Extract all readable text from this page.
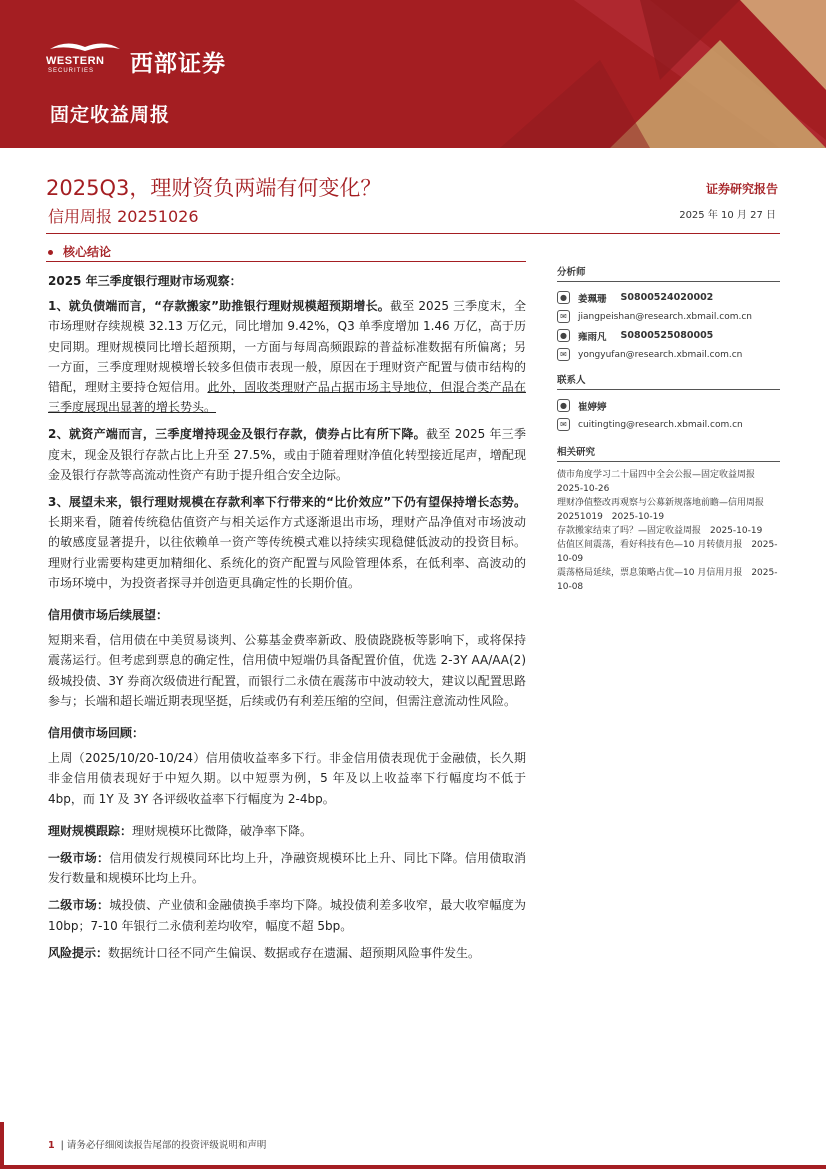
WESTERN
SECURITIES 西部证券
固定收益周报
2025Q3，理财资负两端有何变化？
信用周报 20251026
证券研究报告
2025 年 10 月 27 日
核心结论

2025 年三季度银行理财市场观察：

1、就负债端而言，“存款搬家”助推银行理财规模超预期增长。截至 2025 三季度末，全市场理财存续规模 32.13 万亿元，同比增加 9.42%，Q3 单季度增加 1.46 万亿，高于历史同期。理财规模同比增长超预期，一方面与每周高频跟踪的普益标准数据有所偏离；另一方面，三季度理财规模增长较多但债市表现一般，原因在于理财资产配置与债市结构的错配，理财主要持仓短信用。此外，固收类理财产品占据市场主导地位，但混合类产品在三季度展现出显著的增长势头。

2、就资产端而言，三季度增持现金及银行存款，债券占比有所下降。截至 2025 年三季度末，现金及银行存款占比上升至 27.5%，或由于随着理财净值化转型接近尾声，增配现金及银行存款等高流动性资产有助于提升组合安全边际。

3、展望未来，银行理财规模在存款利率下行带来的“比价效应”下仍有望保持增长态势。长期来看，随着传统稳估值资产与相关运作方式逐渐退出市场，理财产品净值对市场波动的敏感度显著提升，以往依赖单一资产等传统模式难以持续实现稳健低波动的投资目标。理财行业需要构建更加精细化、系统化的资产配置与风险管理体系，在低利率、高波动的市场环境中，为投资者探寻并创造更具确定性的长期价值。

信用债市场后续展望：

短期来看，信用债在中美贸易谈判、公募基金费率新政、股债跷跷板等影响下，或将保持震荡运行。但考虑到票息的确定性，信用债中短端仍具备配置价值，优选 2-3Y AA/AA(2)级城投债、3Y 券商次级债进行配置，而银行二永债在震荡市中波动较大，建议以配置思路参与；长端和超长端近期表现坚挺，后续或仍有利差压缩的空间，但需注意流动性风险。

信用债市场回顾：

上周（2025/10/20-10/24）信用债收益率多下行。非金信用债表现优于金融债，长久期非金信用债表现好于中短久期。以中短票为例，5 年及以上收益率下行幅度均不低于 4bp，而 1Y 及 3Y 各评级收益率下行幅度为 2-4bp。

理财规模跟踪：理财规模环比微降，破净率下降。

一级市场：信用债发行规模同环比均上升，净融资规模环比上升、同比下降。信用债取消发行数量和规模环比均上升。

二级市场：城投债、产业债和金融债换手率均下降。城投债利差多收窄，最大收窄幅度为 10bp；7-10 年银行二永债利差均收窄，幅度不超 5bp。

风险提示：数据统计口径不同产生偏误、数据或存在遗漏、超预期风险事件发生。

分析师
●	姜珮珊 S0800524020002
✉	jiangpeishan@research.xbmail.com.cn
●	雍雨凡 S0800525080005
✉	yongyufan@research.xbmail.com.cn
联系人
●	崔婷婷
✉	cuitingting@research.xbmail.com.cn
相关研究
债市角度学习二十届四中全会公报—固定收益周报　2025-10-26
理财净值整改再观察与公募新规落地前瞻—信用周报 20251019　2025-10-19
存款搬家结束了吗？—固定收益周报　2025-10-19
估值区间震荡，看好科技有色—10 月转债月报　2025-10-09
震荡格局延续，票息策略占优—10 月信用月报　2025-10-08
1 | 请务必仔细阅读报告尾部的投资评级说明和声明
